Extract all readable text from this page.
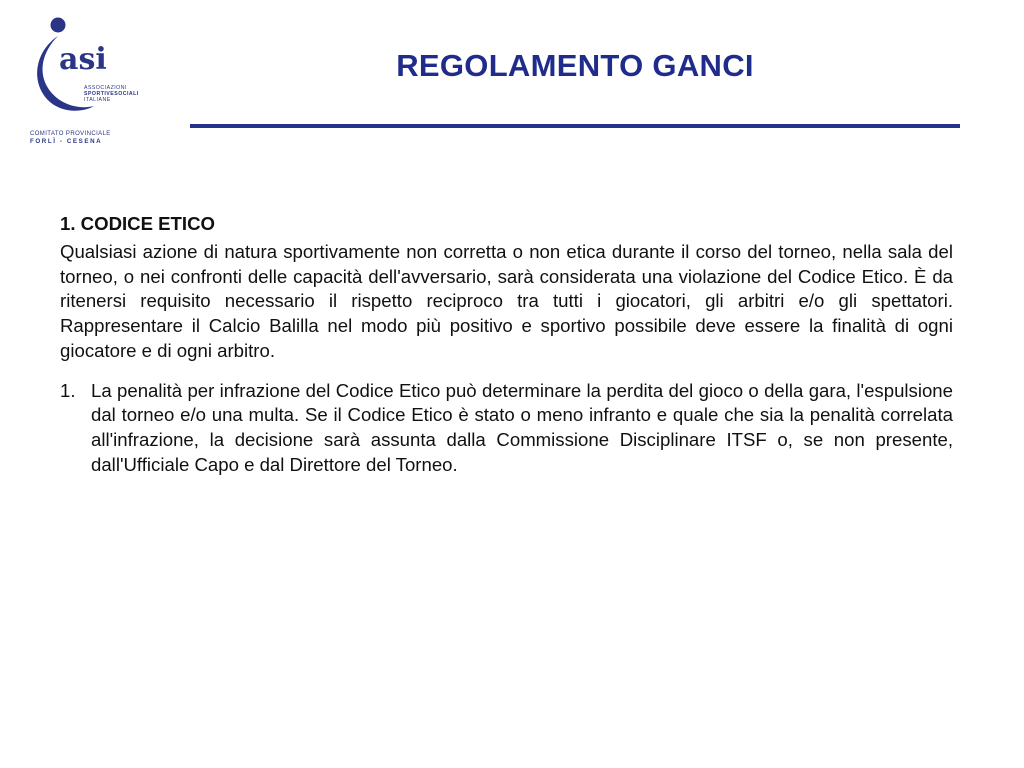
asi
ASSOCIAZIONI
SPORTIVESOCIALI
ITALIANE
COMITATO PROVINCIALE
FORLÌ - CESENA
REGOLAMENTO GANCI
1. CODICE ETICO

Qualsiasi azione di natura sportivamente non corretta o non etica durante il corso del torneo, nella sala del torneo, o nei confronti delle capacità dell'avversario, sarà considerata una violazione del Codice Etico. È da ritenersi requisito necessario il rispetto reciproco tra tutti i giocatori, gli arbitri e/o gli spettatori. Rappresentare il Calcio Balilla nel modo più positivo e sportivo possibile deve essere la finalità di ogni giocatore e di ogni arbitro.

1. La penalità per infrazione del Codice Etico può determinare la perdita del gioco o della gara, l'espulsione dal torneo e/o una multa. Se il Codice Etico è stato o meno infranto e quale che sia la penalità correlata all'infrazione, la decisione sarà assunta dalla Commissione Disciplinare ITSF o, se non presente, dall'Ufficiale Capo e dal Direttore del Torneo.
